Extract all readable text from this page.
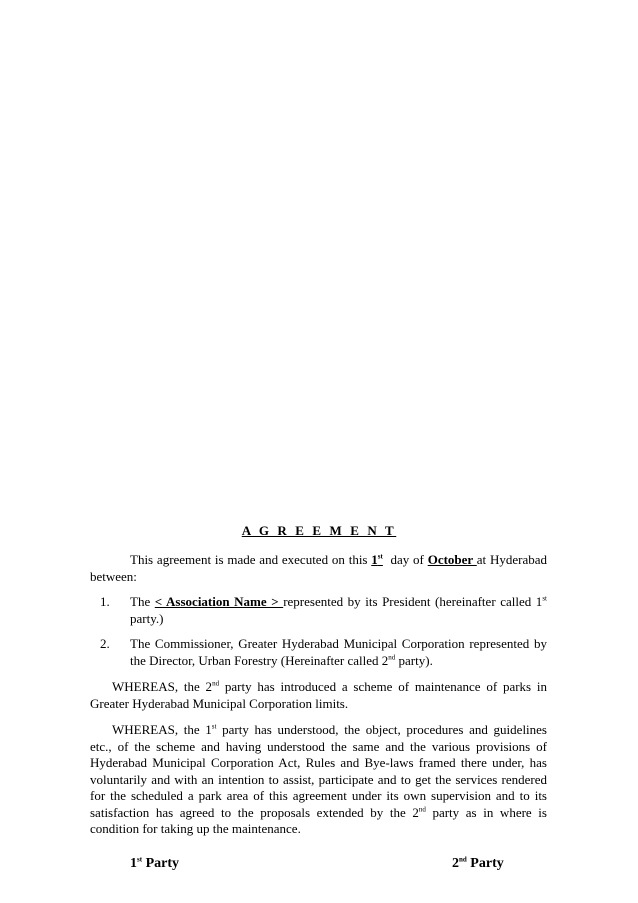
A G R E E M E N T

This agreement is made and executed on this 1st  day of October at Hyderabad between:

1. The < Association Name > represented by its President (hereinafter called 1st party.)
2. The Commissioner, Greater Hyderabad Municipal Corporation represented by the Director, Urban Forestry (Hereinafter called 2nd party).

WHEREAS, the 2nd party has introduced a scheme of maintenance of parks in Greater Hyderabad Municipal Corporation limits.

WHEREAS, the 1st party has understood, the object, procedures and guidelines etc., of the scheme and having understood the same and the various provisions of Hyderabad Municipal Corporation Act, Rules and Bye-laws framed there under, has voluntarily and with an intention to assist, participate and to get the services rendered for the scheduled a park area of this agreement under its own supervision and to its satisfaction has agreed to the proposals extended by the 2nd party as in where is condition for taking up the maintenance.

1st Party	2nd Party
